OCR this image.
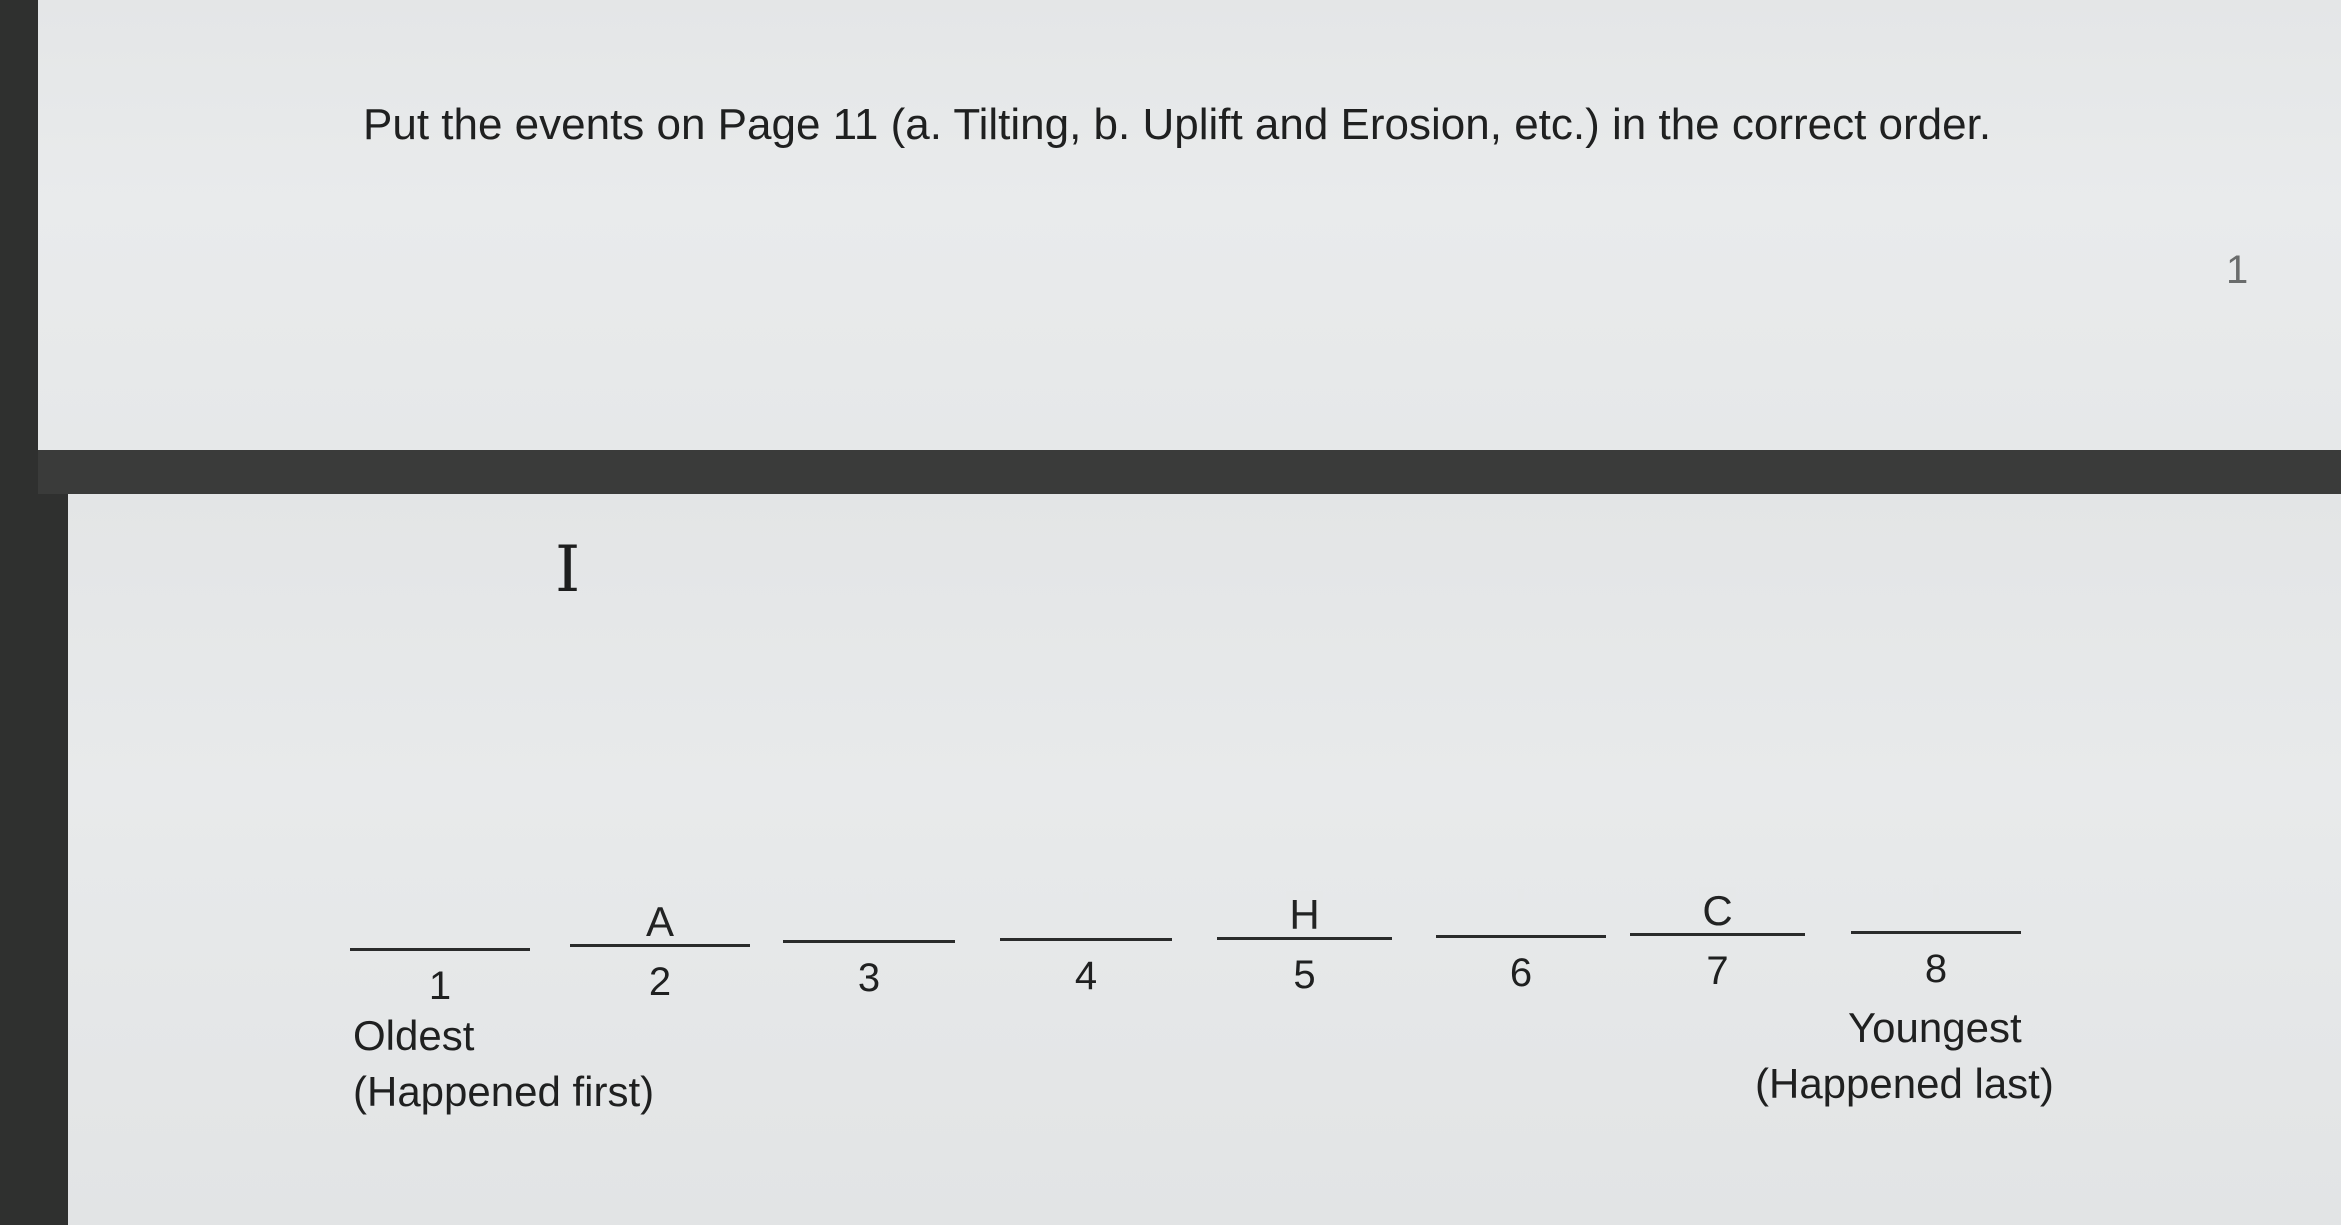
Put the events on Page 11 (a. Tilting, b. Uplift and Erosion, etc.) in the correct order.
1
I
1
A
2	3	4
H
5	6
C
7	8
Oldest
(Happened first)
Youngest
(Happened last)
